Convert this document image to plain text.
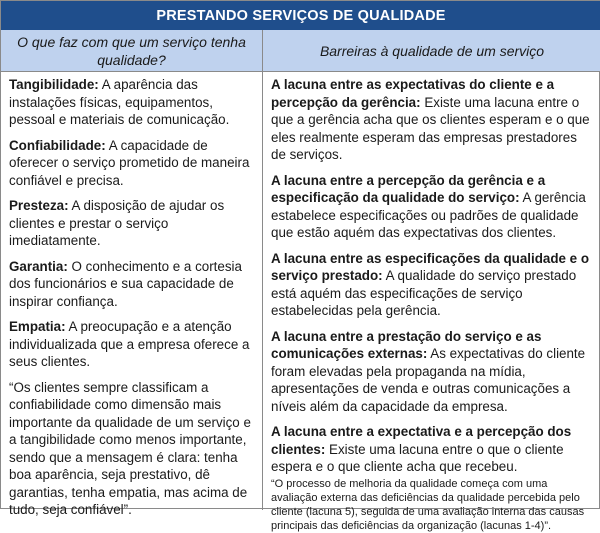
PRESTANDO SERVIÇOS DE QUALIDADE
O que faz com que um serviço tenha qualidade?
Barreiras à qualidade de um serviço

Tangibilidade: A aparência das instalações físicas, equipamentos, pessoal e materiais de comunicação.

Confiabilidade: A capacidade de oferecer o serviço prometido de maneira confiável e precisa.

Presteza: A disposição de ajudar os clientes e prestar o serviço imediatamente.

Garantia: O conhecimento e a cortesia dos funcionários e sua capacidade de inspirar confiança.

Empatia: A preocupação e a atenção individualizada que a empresa oferece a seus clientes.

“Os clientes sempre classificam a confiabilidade como dimensão mais importante da qualidade de um serviço e a tangibilidade como menos importante, sendo que a mensagem é clara: tenha boa aparência, seja prestativo, dê garantias, tenha empatia, mas acima de tudo, seja confiável”.

A lacuna entre as expectativas do cliente e a percepção da gerência: Existe uma lacuna entre o que a gerência acha que os clientes esperam e o que eles realmente esperam das empresas prestadores de serviços.

A lacuna entre a percepção da gerência e a especificação da qualidade do serviço: A gerência estabelece especificações ou padrões de qualidade que estão aquém das expectativas dos clientes.

A lacuna entre as especificações da qualidade e o serviço prestado: A qualidade do serviço prestado está aquém das especificações de serviço estabelecidas pela gerência.

A lacuna entre a prestação do serviço e as comunicações externas: As expectativas do cliente foram elevadas pela propaganda na mídia, apresentações de venda e outras comunicações a níveis além da capacidade da empresa.

A lacuna entre a expectativa e a percepção dos clientes: Existe uma lacuna entre o que o cliente espera e o que cliente acha que recebeu.

“O processo de melhoria da qualidade começa com uma avaliação externa das deficiências da qualidade percebida pelo cliente (lacuna 5), seguida de uma avaliação interna das causas principais das deficiências da organização (lacunas 1-4)”.
